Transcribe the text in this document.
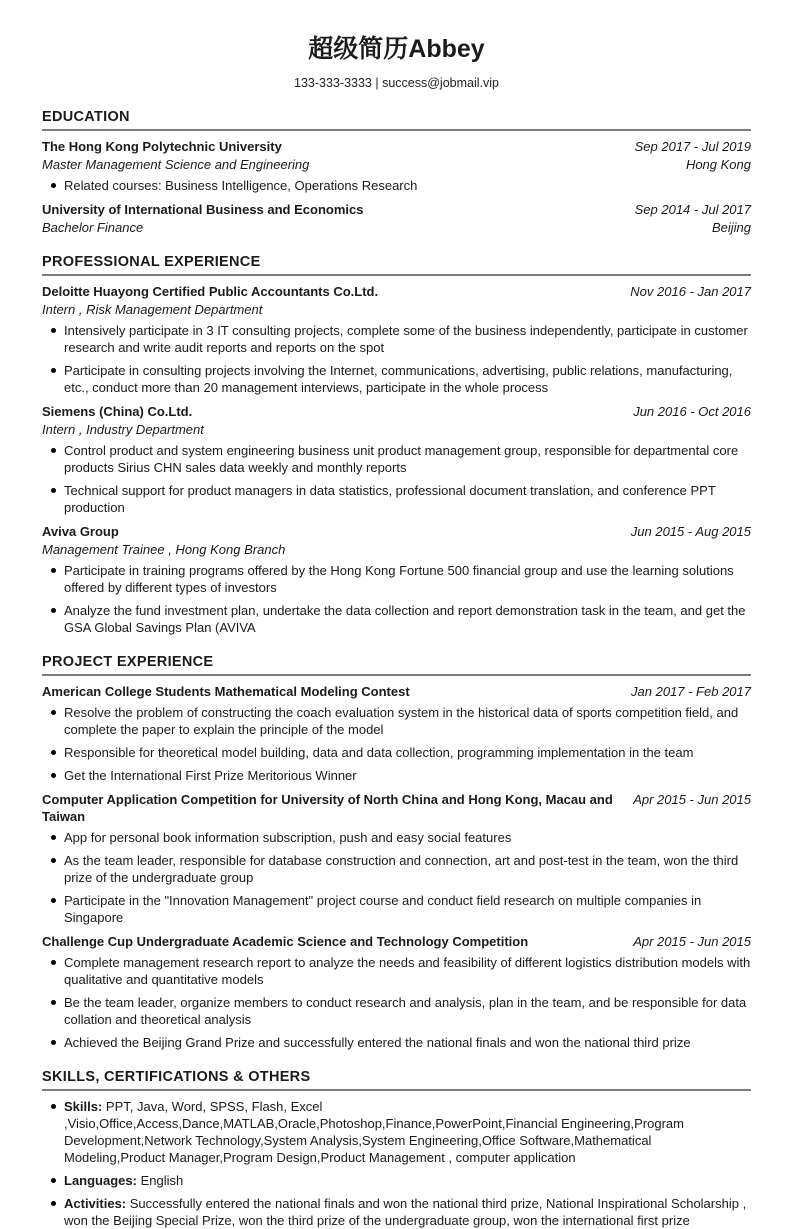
超级简历Abbey
133-333-3333 | success@jobmail.vip
EDUCATION
The Hong Kong Polytechnic University	Sep 2017 - Jul 2019
Master Management Science and Engineering	Hong Kong
Related courses: Business Intelligence, Operations Research
University of International Business and Economics	Sep 2014 - Jul 2017
Bachelor Finance	Beijing
PROFESSIONAL EXPERIENCE
Deloitte Huayong Certified Public Accountants Co.Ltd.	Nov 2016 - Jan 2017
Intern , Risk Management Department
Intensively participate in 3 IT consulting projects, complete some of the business independently, participate in customer research and write audit reports and reports on the spot
Participate in consulting projects involving the Internet, communications, advertising, public relations, manufacturing, etc., conduct more than 20 management interviews, participate in the whole process
Siemens (China) Co.Ltd.	Jun 2016 - Oct 2016
Intern , Industry Department
Control product and system engineering business unit product management group, responsible for departmental core products Sirius CHN sales data weekly and monthly reports
Technical support for product managers in data statistics, professional document translation, and conference PPT production
Aviva Group	Jun 2015 - Aug 2015
Management Trainee , Hong Kong Branch
Participate in training programs offered by the Hong Kong Fortune 500 financial group and use the learning solutions offered by different types of investors
Analyze the fund investment plan, undertake the data collection and report demonstration task in the team, and get the GSA Global Savings Plan (AVIVA
PROJECT EXPERIENCE
American College Students Mathematical Modeling Contest	Jan 2017 - Feb 2017
Resolve the problem of constructing the coach evaluation system in the historical data of sports competition field, and complete the paper to explain the principle of the model
Responsible for theoretical model building, data and data collection, programming implementation in the team
Get the International First Prize Meritorious Winner
Computer Application Competition for University of North China and Hong Kong, Macau and Taiwan
Apr 2015 - Jun 2015
App for personal book information subscription, push and easy social features
As the team leader, responsible for database construction and connection, art and post-test in the team, won the third prize of the undergraduate group
Participate in the "Innovation Management" project course and conduct field research on multiple companies in Singapore
Challenge Cup Undergraduate Academic Science and Technology Competition	Apr 2015 - Jun 2015
Complete management research report to analyze the needs and feasibility of different logistics distribution models with qualitative and quantitative models
Be the team leader, organize members to conduct research and analysis, plan in the team, and be responsible for data collation and theoretical analysis
Achieved the Beijing Grand Prize and successfully entered the national finals and won the national third prize
SKILLS, CERTIFICATIONS & OTHERS
Skills: PPT, Java, Word, SPSS, Flash, Excel
,Visio,Office,Access,Dance,MATLAB,Oracle,Photoshop,Finance,PowerPoint,Financial Engineering,Program Development,Network Technology,System Analysis,System Engineering,Office Software,Mathematical Modeling,Product Manager,Program Design,Product Management , computer application
Languages: English
Activities: Successfully entered the national finals and won the national third prize, National Inspirational Scholarship , won the Beijing Special Prize, won the third prize of the undergraduate group, won the international first prize
